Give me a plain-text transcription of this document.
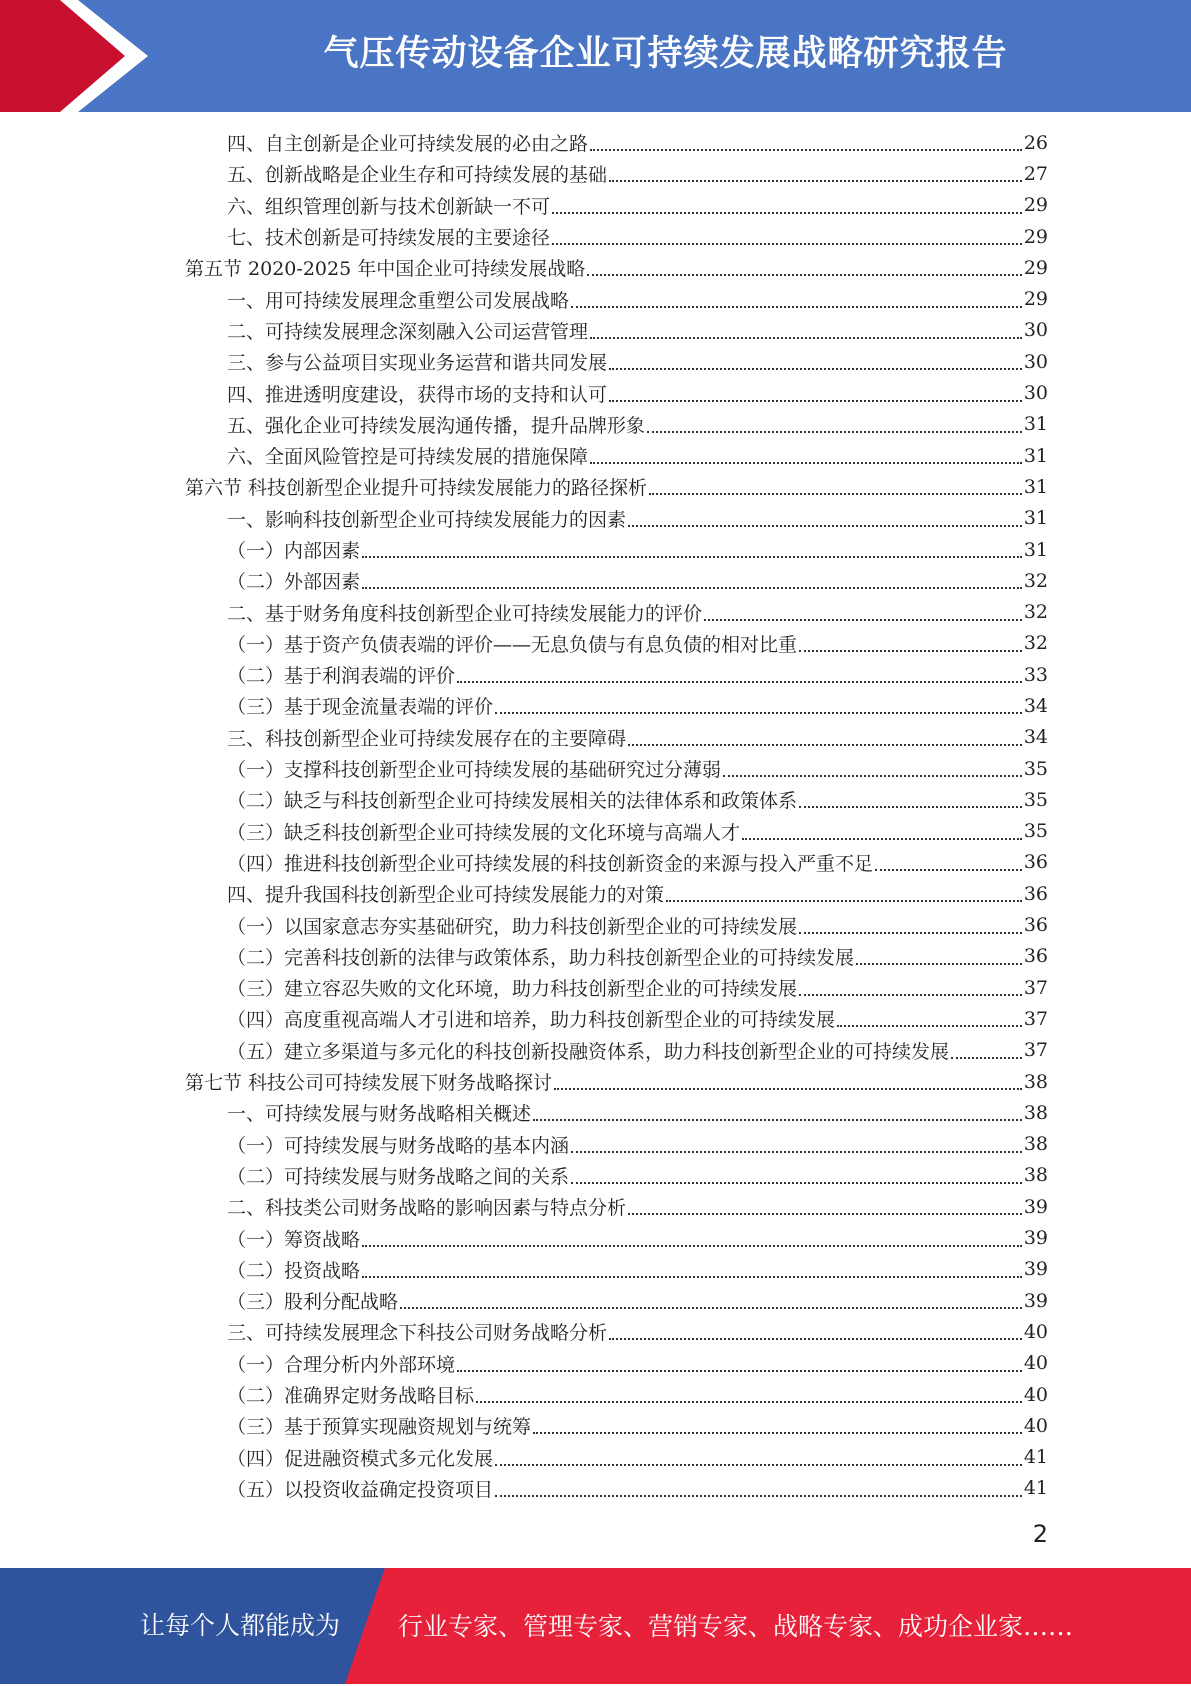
气压传动设备企业可持续发展战略研究报告
四、自主创新是企业可持续发展的必由之路	26
五、创新战略是企业生存和可持续发展的基础	27
六、组织管理创新与技术创新缺一不可	29
七、技术创新是可持续发展的主要途径	29
第五节 2020-2025 年中国企业可持续发展战略	29
一、用可持续发展理念重塑公司发展战略	29
二、可持续发展理念深刻融入公司运营管理	30
三、参与公益项目实现业务运营和谐共同发展	30
四、推进透明度建设，获得市场的支持和认可	30
五、强化企业可持续发展沟通传播，提升品牌形象	31
六、全面风险管控是可持续发展的措施保障	31
第六节 科技创新型企业提升可持续发展能力的路径探析	31
一、影响科技创新型企业可持续发展能力的因素	31
（一）内部因素	31
（二）外部因素	32
二、基于财务角度科技创新型企业可持续发展能力的评价	32
（一）基于资产负债表端的评价——无息负债与有息负债的相对比重	32
（二）基于利润表端的评价	33
（三）基于现金流量表端的评价	34
三、科技创新型企业可持续发展存在的主要障碍	34
（一）支撑科技创新型企业可持续发展的基础研究过分薄弱	35
（二）缺乏与科技创新型企业可持续发展相关的法律体系和政策体系	35
（三）缺乏科技创新型企业可持续发展的文化环境与高端人才	35
（四）推进科技创新型企业可持续发展的科技创新资金的来源与投入严重不足	36
四、提升我国科技创新型企业可持续发展能力的对策	36
（一）以国家意志夯实基础研究，助力科技创新型企业的可持续发展	36
（二）完善科技创新的法律与政策体系，助力科技创新型企业的可持续发展	36
（三）建立容忍失败的文化环境，助力科技创新型企业的可持续发展	37
（四）高度重视高端人才引进和培养，助力科技创新型企业的可持续发展	37
（五）建立多渠道与多元化的科技创新投融资体系，助力科技创新型企业的可持续发展	37
第七节 科技公司可持续发展下财务战略探讨	38
一、可持续发展与财务战略相关概述	38
（一）可持续发展与财务战略的基本内涵	38
（二）可持续发展与财务战略之间的关系	38
二、科技类公司财务战略的影响因素与特点分析	39
（一）筹资战略	39
（二）投资战略	39
（三）股利分配战略	39
三、可持续发展理念下科技公司财务战略分析	40
（一）合理分析内外部环境	40
（二）准确界定财务战略目标	40
（三）基于预算实现融资规划与统筹	40
（四）促进融资模式多元化发展	41
（五）以投资收益确定投资项目	41
2
让每个人都能成为 行业专家、管理专家、营销专家、战略专家、成功企业家……
